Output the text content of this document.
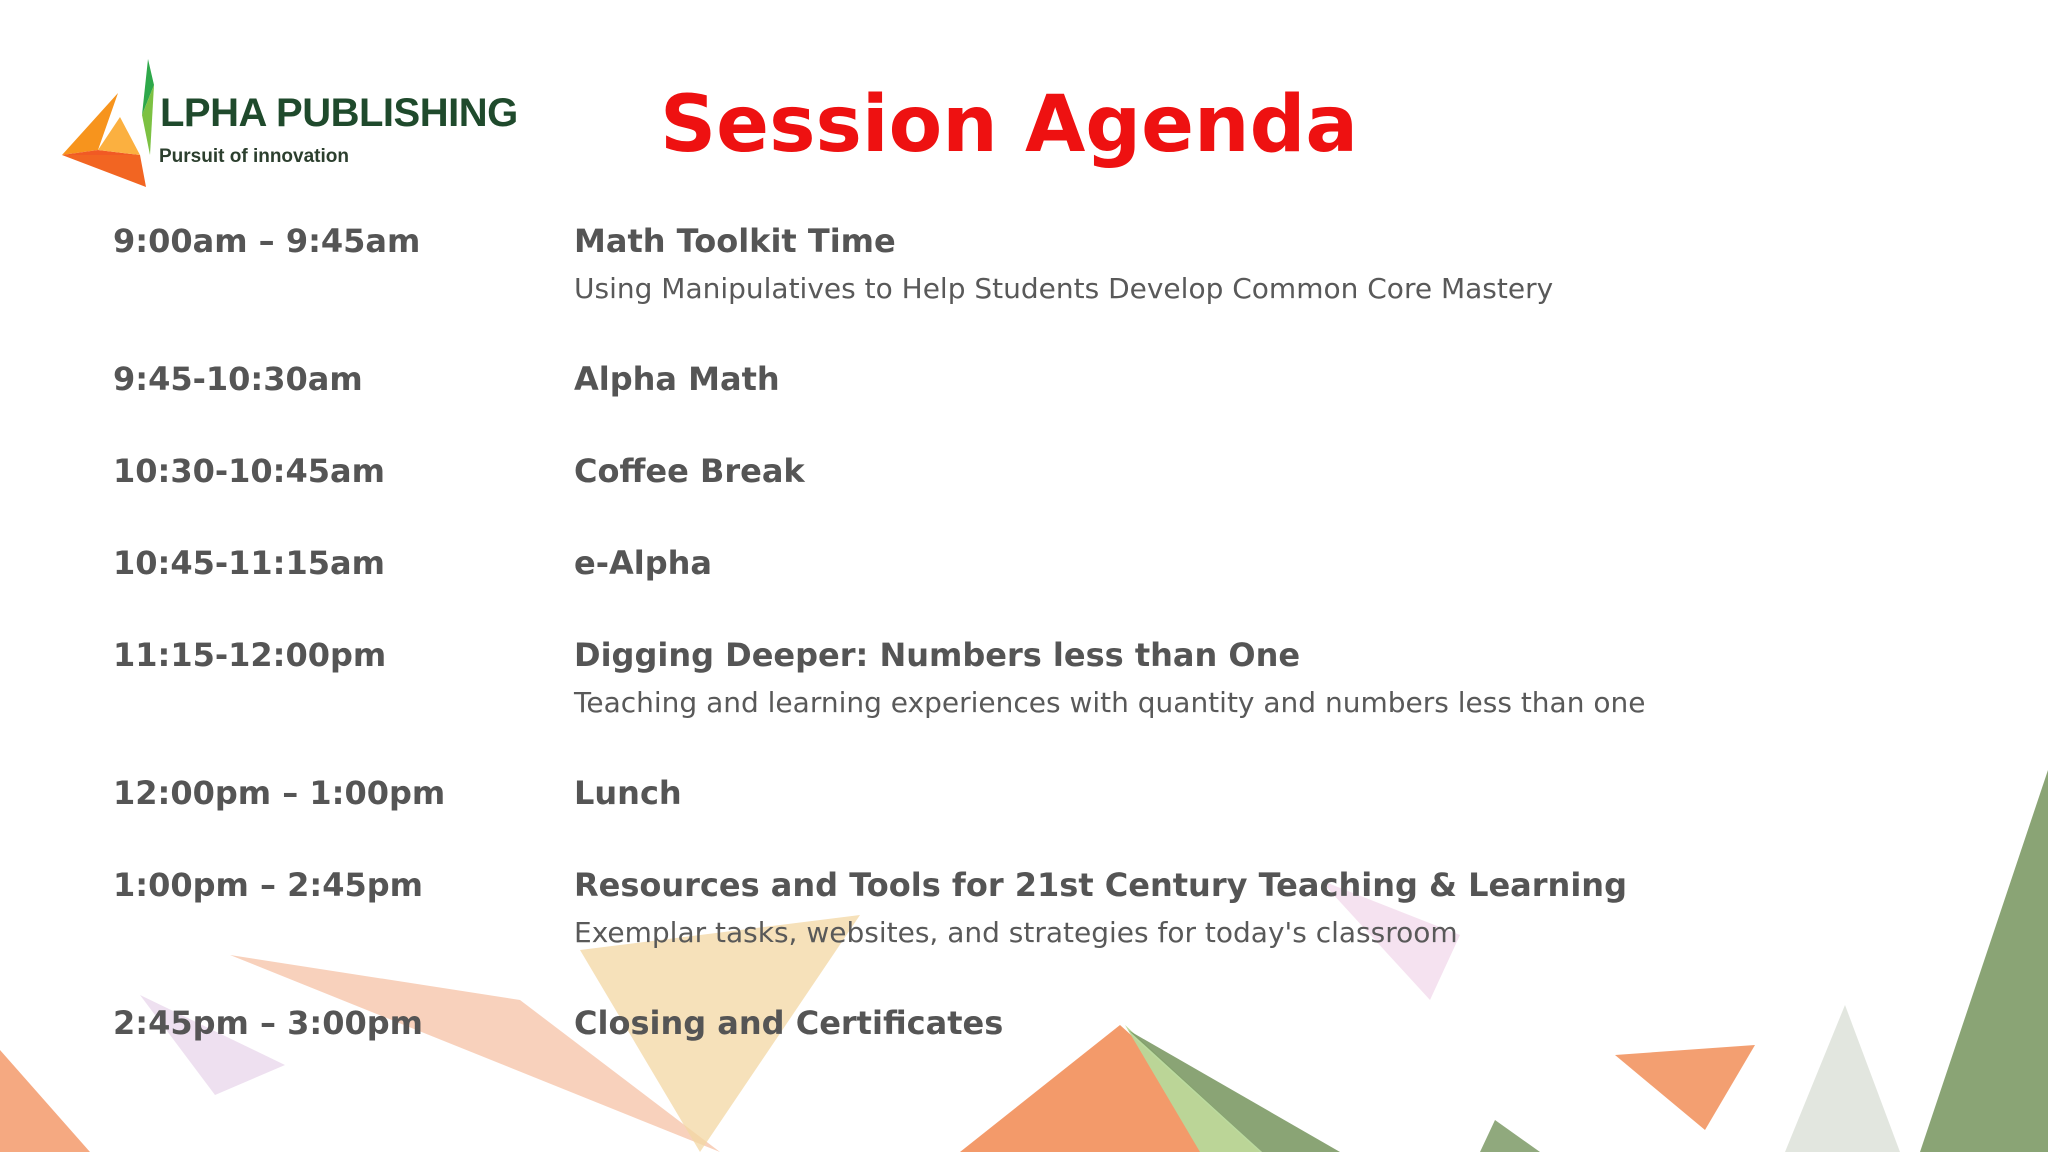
LPHA PUBLISHING
Pursuit of innovation	Session Agenda
9:00am – 9:45am	Math Toolkit Time
Using Manipulatives to Help Students Develop Common Core Mastery
9:45-10:30am	Alpha Math
10:30-10:45am	Coffee Break
10:45-11:15am	e-Alpha
11:15-12:00pm	Digging Deeper: Numbers less than One
Teaching and learning experiences with quantity and numbers less than one
12:00pm – 1:00pm	Lunch
1:00pm – 2:45pm	Resources and Tools for 21st Century Teaching & Learning
Exemplar tasks, websites, and strategies for today's classroom
2:45pm – 3:00pm	Closing and Certificates
